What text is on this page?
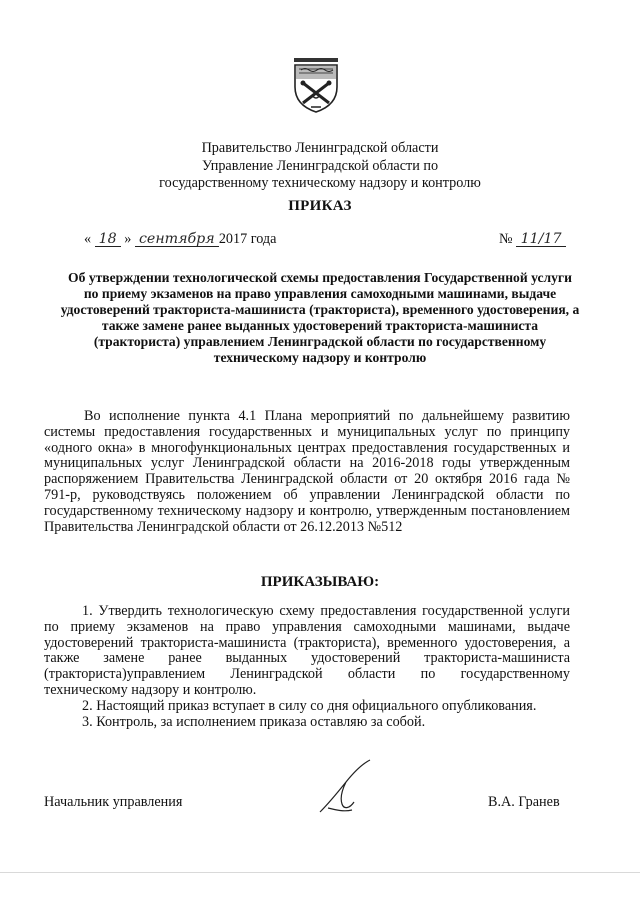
Правительство Ленинградской области
Управление Ленинградской области по
государственному техническому надзору и контролю
ПРИКАЗ
« 18 » сентября 2017 года	№ 11/17
Об утверждении технологической схемы предоставления Государственной услуги по приему экзаменов на право управления самоходными машинами, выдаче удостоверений тракториста-машиниста (тракториста), временного удостоверения, а также замене ранее выданных удостоверений тракториста-машиниста (тракториста) управлением Ленинградской области по государственному техническому надзору и контролю

Во исполнение пункта 4.1 Плана мероприятий по дальнейшему развитию системы предоставления государственных и муниципальных услуг по принципу «одного окна» в многофункциональных центрах предоставления государственных и муниципальных услуг Ленинградской области на 2016-2018 годы утвержденным распоряжением Правительства Ленинградской области от 20 октября 2016 гада № 791-р, руководствуясь положением об управлении Ленинградской области по государственному техническому надзору и контролю, утвержденным постановлением Правительства Ленинградской области от 26.12.2013 №512

ПРИКАЗЫВАЮ:

1. Утвердить технологическую схему предоставления государственной услуги по приему экзаменов на право управления самоходными машинами, выдаче удостоверений тракториста-машиниста (тракториста), временного удостоверения, а также замене ранее выданных удостоверений тракториста-машиниста (тракториста)управлением Ленинградской области по государственному техническому надзору и контролю.

2. Настоящий приказ вступает в силу со дня официального опубликования.

3. Контроль, за исполнением приказа оставляю за собой.

Начальник управления	В.А. Гранев
